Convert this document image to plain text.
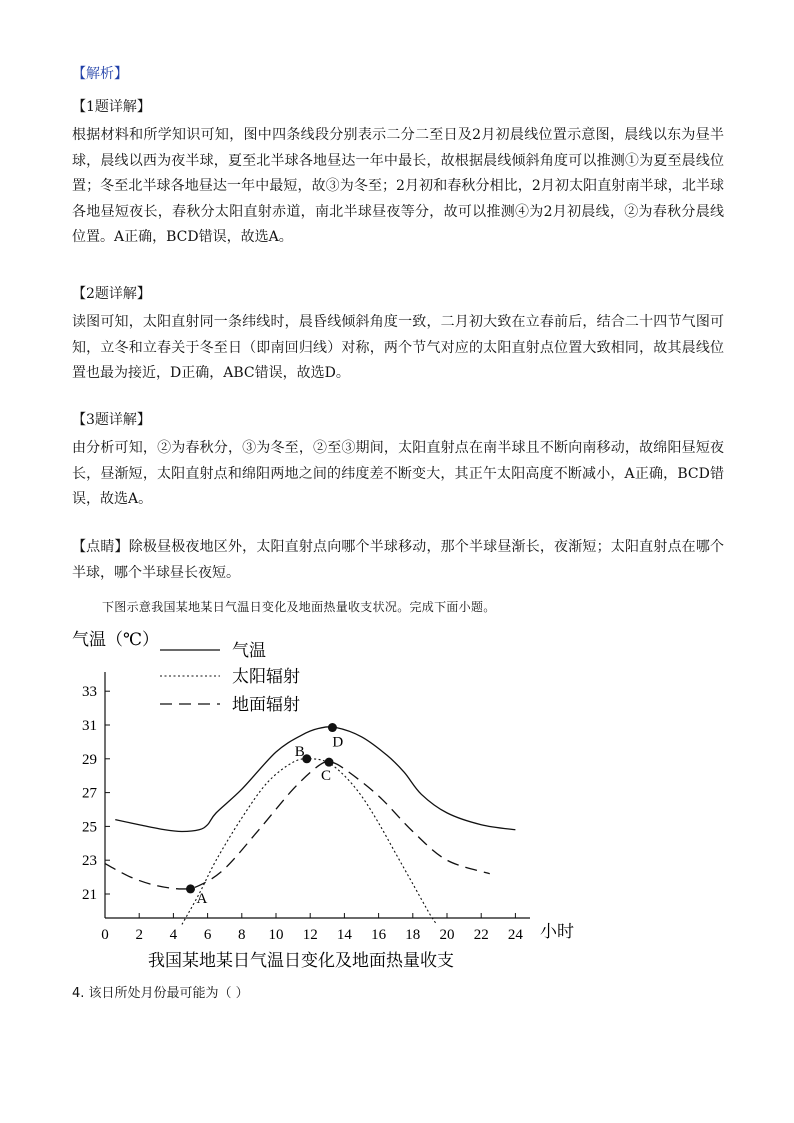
【解析】

【1题详解】

根据材料和所学知识可知，图中四条线段分别表示二分二至日及2月初晨线位置示意图，晨线以东为昼半球，晨线以西为夜半球，夏至北半球各地昼达一年中最长，故根据晨线倾斜角度可以推测①为夏至晨线位置；冬至北半球各地昼达一年中最短，故③为冬至；2月初和春秋分相比，2月初太阳直射南半球，北半球各地昼短夜长，春秋分太阳直射赤道，南北半球昼夜等分，故可以推测④为2月初晨线，②为春秋分晨线位置。A正确，BCD错误，故选A。

【2题详解】

读图可知，太阳直射同一条纬线时，晨昏线倾斜角度一致，二月初大致在立春前后，结合二十四节气图可知，立冬和立春关于冬至日（即南回归线）对称，两个节气对应的太阳直射点位置大致相同，故其晨线位置也最为接近，D正确，ABC错误，故选D。

【3题详解】

由分析可知，②为春秋分，③为冬至，②至③期间，太阳直射点在南半球且不断向南移动，故绵阳昼短夜长，昼渐短，太阳直射点和绵阳两地之间的纬度差不断变大，其正午太阳高度不断减小，A正确，BCD错误，故选A。

【点睛】除极昼极夜地区外，太阳直射点向哪个半球移动，那个半球昼渐长，夜渐短；太阳直射点在哪个半球，哪个半球昼长夜短。

下图示意我国某地某日气温日变化及地面热量收支状况。完成下面小题。
气温（℃）
气温
太阳辐射
地面辐射
21
23
25
27
29
31
33
0 2 4 6 8 10 12 14 16 18 20 22 24
A
B
C
D
小时
我国某地某日气温日变化及地面热量收支
4. 该日所处月份最可能为（ ）
